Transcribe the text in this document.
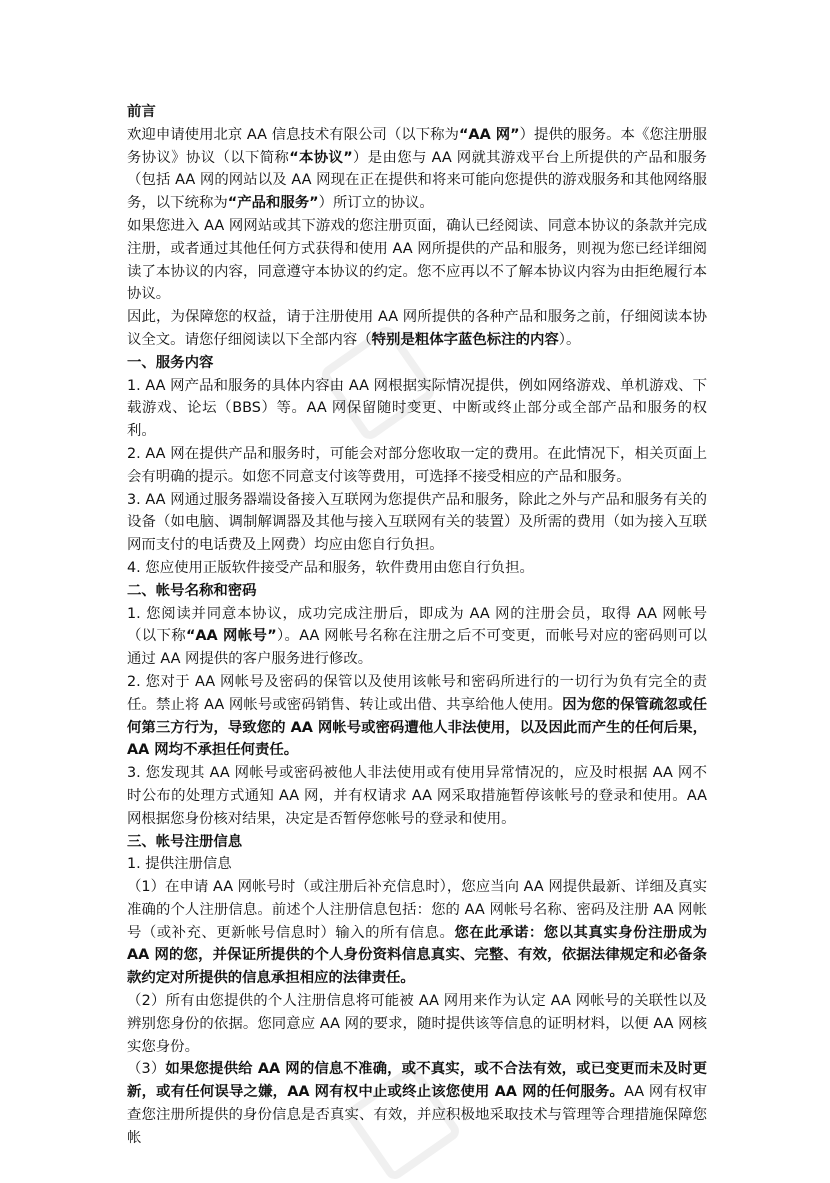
前言

欢迎申请使用北京 AA 信息技术有限公司（以下称为“AA 网”）提供的服务。本《您注册服务协议》协议（以下简称“本协议”）是由您与 AA 网就其游戏平台上所提供的产品和服务（包括 AA 网的网站以及 AA 网现在正在提供和将来可能向您提供的游戏服务和其他网络服务，以下统称为“产品和服务”）所订立的协议。

如果您进入 AA 网网站或其下游戏的您注册页面，确认已经阅读、同意本协议的条款并完成注册，或者通过其他任何方式获得和使用 AA 网所提供的产品和服务，则视为您已经详细阅读了本协议的内容，同意遵守本协议的约定。您不应再以不了解本协议内容为由拒绝履行本协议。

因此，为保障您的权益，请于注册使用 AA 网所提供的各种产品和服务之前，仔细阅读本协议全文。请您仔细阅读以下全部内容（特别是粗体字蓝色标注的内容）。

一、服务内容

1. AA 网产品和服务的具体内容由 AA 网根据实际情况提供，例如网络游戏、单机游戏、下载游戏、论坛（BBS）等。AA 网保留随时变更、中断或终止部分或全部产品和服务的权利。

2. AA 网在提供产品和服务时，可能会对部分您收取一定的费用。在此情况下，相关页面上会有明确的提示。如您不同意支付该等费用，可选择不接受相应的产品和服务。

3. AA 网通过服务器端设备接入互联网为您提供产品和服务，除此之外与产品和服务有关的设备（如电脑、调制解调器及其他与接入互联网有关的装置）及所需的费用（如为接入互联网而支付的电话费及上网费）均应由您自行负担。

4. 您应使用正版软件接受产品和服务，软件费用由您自行负担。

二、帐号名称和密码

1. 您阅读并同意本协议，成功完成注册后，即成为 AA 网的注册会员，取得 AA 网帐号（以下称“AA 网帐号”）。AA 网帐号名称在注册之后不可变更，而帐号对应的密码则可以通过 AA 网提供的客户服务进行修改。

2. 您对于 AA 网帐号及密码的保管以及使用该帐号和密码所进行的一切行为负有完全的责任。禁止将 AA 网帐号或密码销售、转让或出借、共享给他人使用。因为您的保管疏忽或任何第三方行为，导致您的 AA 网帐号或密码遭他人非法使用，以及因此而产生的任何后果，AA 网均不承担任何责任。

3. 您发现其 AA 网帐号或密码被他人非法使用或有使用异常情况的，应及时根据 AA 网不时公布的处理方式通知 AA 网，并有权请求 AA 网采取措施暂停该帐号的登录和使用。AA 网根据您身份核对结果，决定是否暂停您帐号的登录和使用。

三、帐号注册信息

1. 提供注册信息

（1）在申请 AA 网帐号时（或注册后补充信息时），您应当向 AA 网提供最新、详细及真实准确的个人注册信息。前述个人注册信息包括：您的 AA 网帐号名称、密码及注册 AA 网帐号（或补充、更新帐号信息时）输入的所有信息。您在此承诺：您以其真实身份注册成为 AA 网的您，并保证所提供的个人身份资料信息真实、完整、有效，依据法律规定和必备条款约定对所提供的信息承担相应的法律责任。

（2）所有由您提供的个人注册信息将可能被 AA 网用来作为认定 AA 网帐号的关联性以及辨别您身份的依据。您同意应 AA 网的要求，随时提供该等信息的证明材料，以便 AA 网核实您身份。

（3）如果您提供给 AA 网的信息不准确，或不真实，或不合法有效，或已变更而未及时更新，或有任何误导之嫌，AA 网有权中止或终止该您使用 AA 网的任何服务。AA 网有权审查您注册所提供的身份信息是否真实、有效，并应积极地采取技术与管理等合理措施保障您帐
